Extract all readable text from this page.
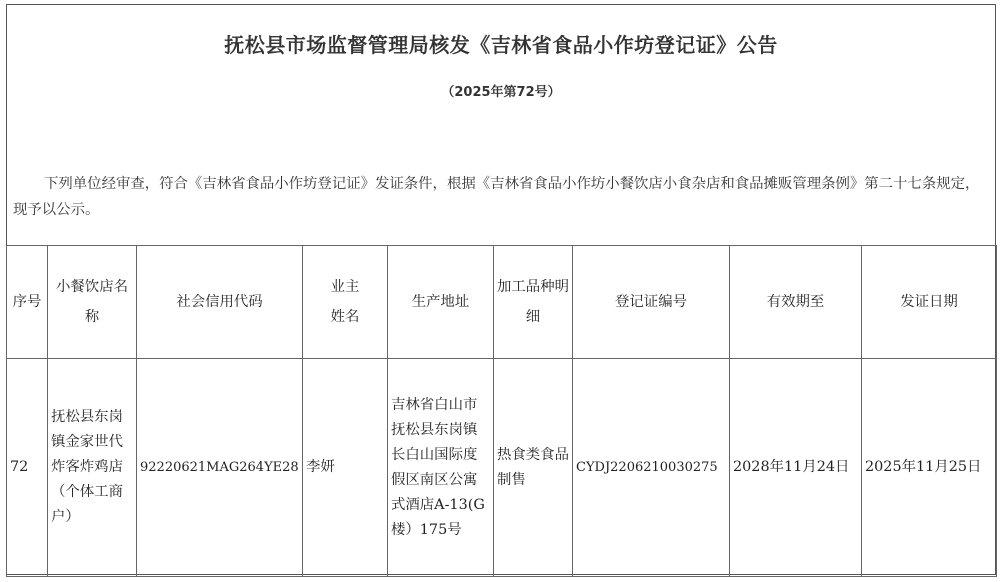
抚松县市场监督管理局核发《吉林省食品小作坊登记证》公告
（2025年第72号）
下列单位经审查，符合《吉林省食品小作坊登记证》发证条件，根据《吉林省食品小作坊小餐饮店小食杂店和食品摊贩管理条例》第二十七条规定，现予以公示。
序号	小餐饮店名称	社会信用代码	业主姓名	生产地址	加工品种明细	登记证编号	有效期至	发证日期
72	抚松县东岗镇金家世代炸客炸鸡店（个体工商户）	92220621MAG264YE28	李妍	吉林省白山市抚松县东岗镇长白山国际度假区南区公寓式酒店A-13(G楼）175号	热食类食品制售	CYDJ2206210030275	2028年11月24日	2025年11月25日
